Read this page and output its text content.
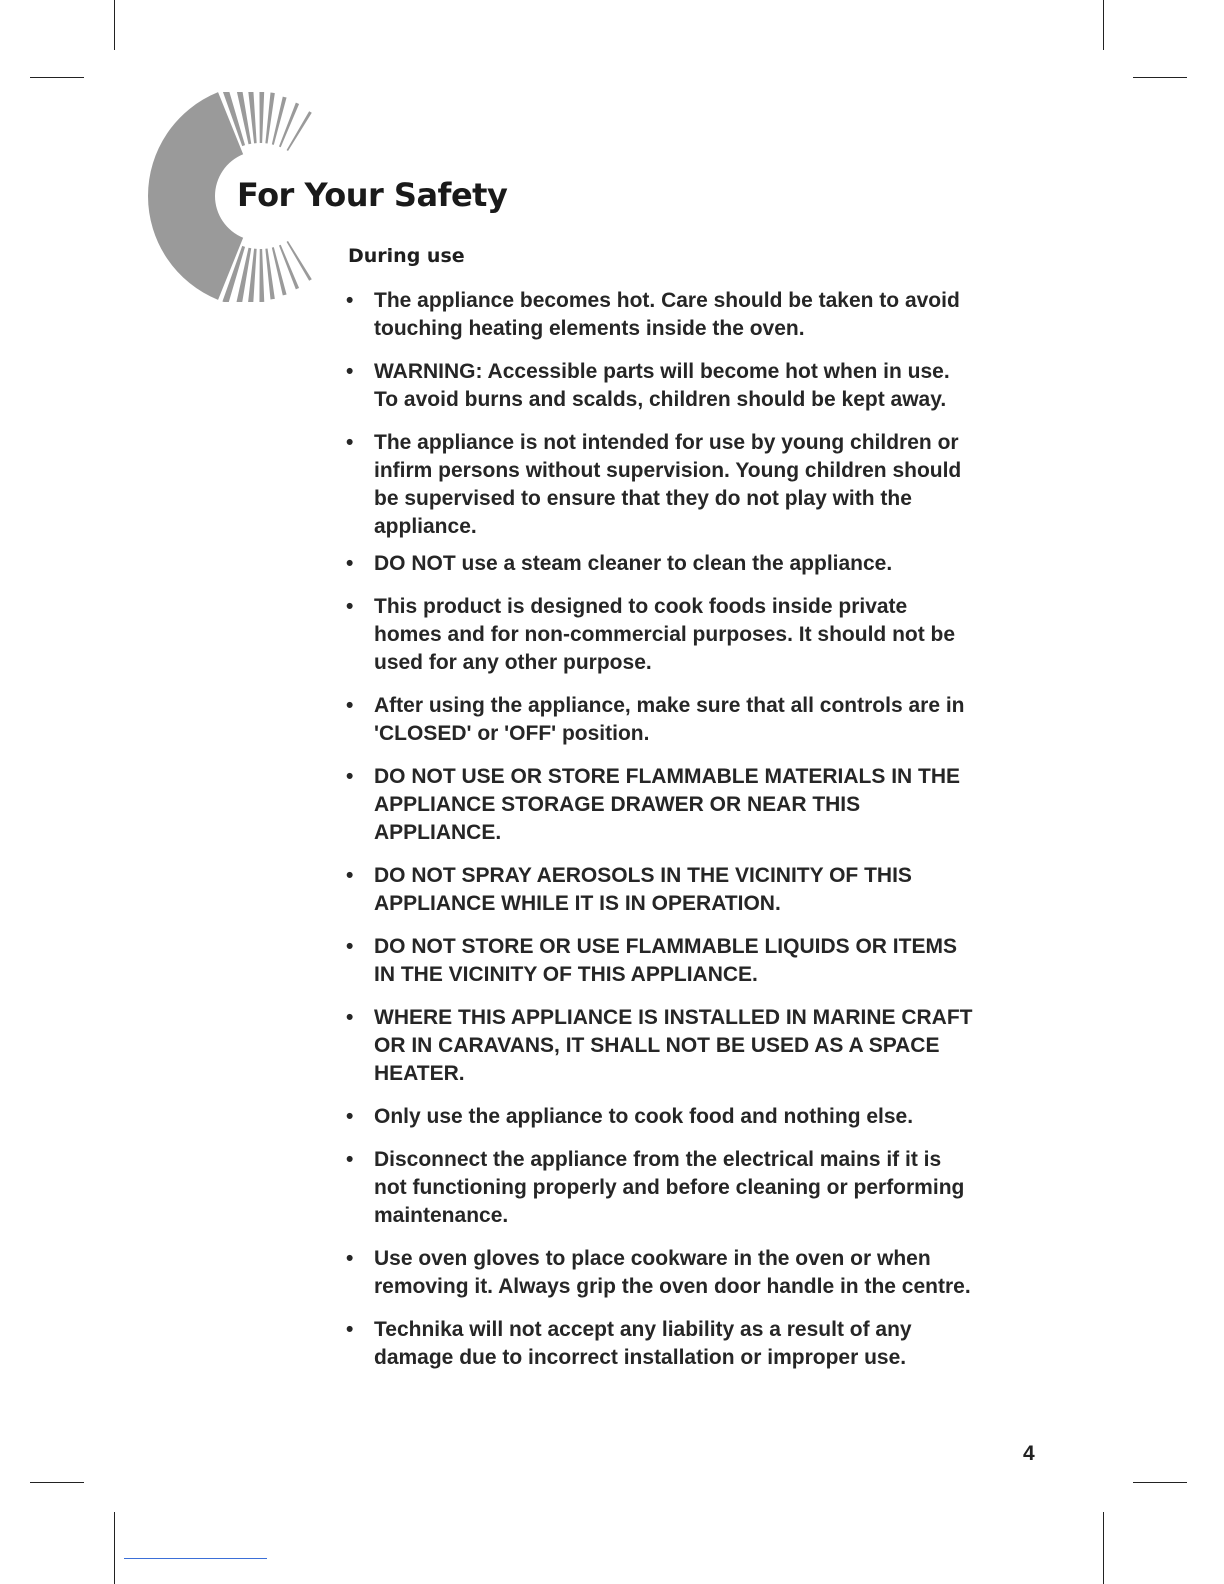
For Your Safety
During use
• The appliance becomes hot. Care should be taken to avoid
touching heating elements inside the oven.
• WARNING: Accessible parts will become hot when in use.
To avoid burns and scalds, children should be kept away.
• The appliance is not intended for use by young children or
infirm persons without supervision. Young children should
be supervised to ensure that they do not play with the
appliance.
• DO NOT use a steam cleaner to clean the appliance.
• This product is designed to cook foods inside private
homes and for non-commercial purposes. It should not be
used for any other purpose.
• After using the appliance, make sure that all controls are in
'CLOSED' or 'OFF' position.
• DO NOT USE OR STORE FLAMMABLE MATERIALS IN THE
APPLIANCE STORAGE DRAWER OR NEAR THIS
APPLIANCE.
• DO NOT SPRAY AEROSOLS IN THE VICINITY OF THIS
APPLIANCE WHILE IT IS IN OPERATION.
• DO NOT STORE OR USE FLAMMABLE LIQUIDS OR ITEMS
IN THE VICINITY OF THIS APPLIANCE.
• WHERE THIS APPLIANCE IS INSTALLED IN MARINE CRAFT
OR IN CARAVANS, IT SHALL NOT BE USED AS A SPACE
HEATER.
• Only use the appliance to cook food and nothing else.
• Disconnect the appliance from the electrical mains if it is
not functioning properly and before cleaning or performing
maintenance.
• Use oven gloves to place cookware in the oven or when
removing it. Always grip the oven door handle in the centre.
• Technika will not accept any liability as a result of any
damage due to incorrect installation or improper use.

4
